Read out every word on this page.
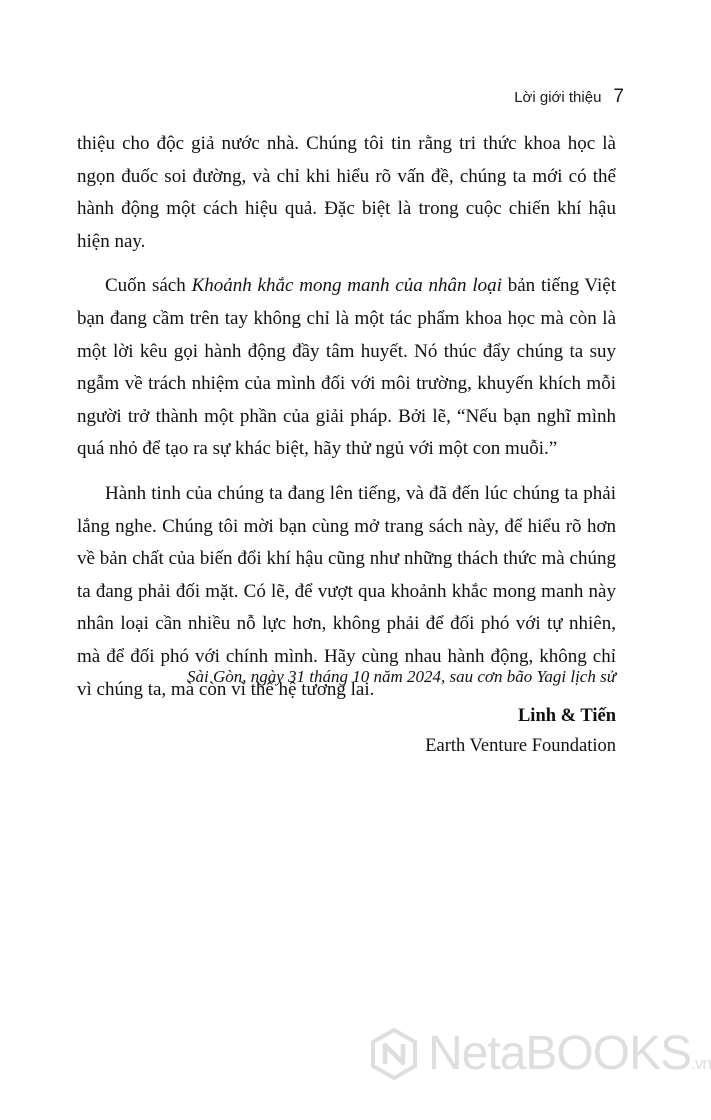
Lời giới thiệu 7

thiệu cho độc giả nước nhà. Chúng tôi tin rằng tri thức khoa học là ngọn đuốc soi đường, và chỉ khi hiểu rõ vấn đề, chúng ta mới có thể hành động một cách hiệu quả. Đặc biệt là trong cuộc chiến khí hậu hiện nay.

Cuốn sách Khoảnh khắc mong manh của nhân loại bản tiếng Việt bạn đang cầm trên tay không chỉ là một tác phẩm khoa học mà còn là một lời kêu gọi hành động đầy tâm huyết. Nó thúc đẩy chúng ta suy ngẫm về trách nhiệm của mình đối với môi trường, khuyến khích mỗi người trở thành một phần của giải pháp. Bởi lẽ, “Nếu bạn nghĩ mình quá nhỏ để tạo ra sự khác biệt, hãy thử ngủ với một con muỗi.”

Hành tinh của chúng ta đang lên tiếng, và đã đến lúc chúng ta phải lắng nghe. Chúng tôi mời bạn cùng mở trang sách này, để hiểu rõ hơn về bản chất của biến đổi khí hậu cũng như những thách thức mà chúng ta đang phải đối mặt. Có lẽ, để vượt qua khoảnh khắc mong manh này nhân loại cần nhiều nỗ lực hơn, không phải để đối phó với tự nhiên, mà để đối phó với chính mình. Hãy cùng nhau hành động, không chỉ vì chúng ta, mà còn vì thế hệ tương lai.

Sài Gòn, ngày 31 tháng 10 năm 2024, sau cơn bão Yagi lịch sử
Linh & Tiến
Earth Venture Foundation
NetaBOOKS.vn
